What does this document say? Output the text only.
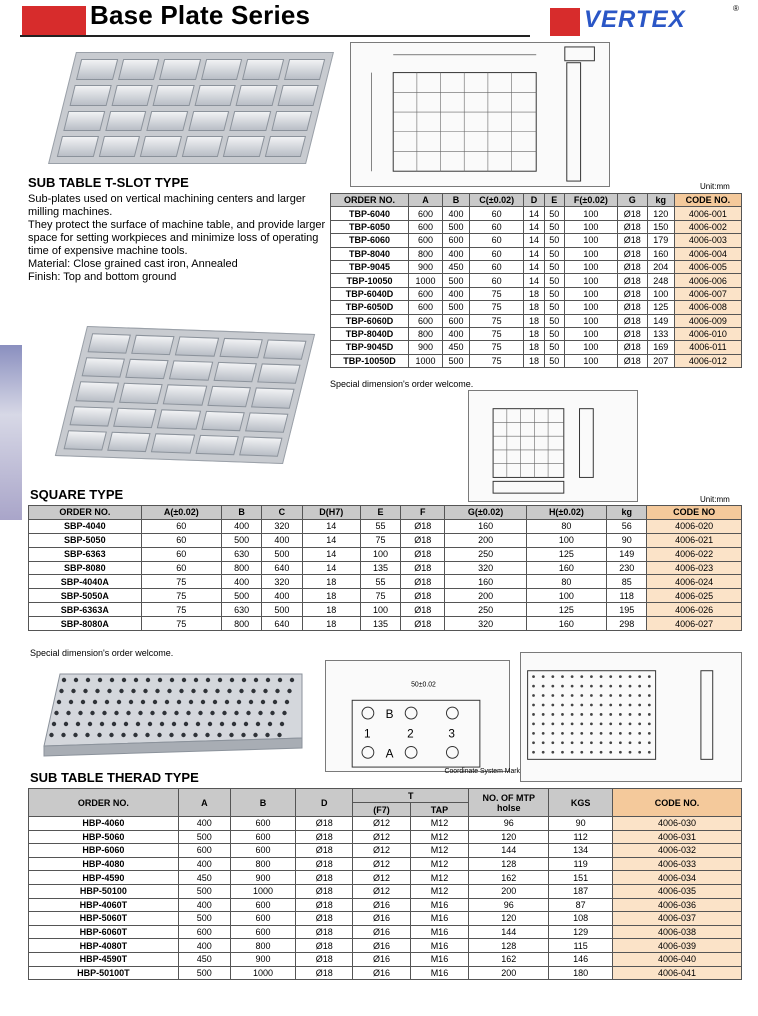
Base Plate Series	VERTEX	®
SUB TABLE T-SLOT TYPE	Unit:mm
Sub-plates used on vertical machining centers and larger milling machines.
They protect the surface of machine table, and provide larger space for setting workpieces and minimize loss of operating time of expensive machine tools.
Material: Close grained cast iron, Annealed
Finish: Top and bottom ground
ORDER NO.	A	B	C(±0.02)	D	E	F(±0.02)	G	kg	CODE NO.
TBP-6040	600	400	60	14	50	100	Ø18	120	4006-001
TBP-6050	600	500	60	14	50	100	Ø18	150	4006-002
TBP-6060	600	600	60	14	50	100	Ø18	179	4006-003
TBP-8040	800	400	60	14	50	100	Ø18	160	4006-004
TBP-9045	900	450	60	14	50	100	Ø18	204	4006-005
TBP-10050	1000	500	60	14	50	100	Ø18	248	4006-006
TBP-6040D	600	400	75	18	50	100	Ø18	100	4006-007
TBP-6050D	600	500	75	18	50	100	Ø18	125	4006-008
TBP-6060D	600	600	75	18	50	100	Ø18	149	4006-009
TBP-8040D	800	400	75	18	50	100	Ø18	133	4006-010
TBP-9045D	900	450	75	18	50	100	Ø18	169	4006-011
TBP-10050D	1000	500	75	18	50	100	Ø18	207	4006-012
Special dimension's order welcome.
SQUARE TYPE	Unit:mm
ORDER NO.	A(±0.02)	B	C	D(H7)	E	F	G(±0.02)	H(±0.02)	kg	CODE NO
SBP-4040	60	400	320	14	55	Ø18	160	80	56	4006-020
SBP-5050	60	500	400	14	75	Ø18	200	100	90	4006-021
SBP-6363	60	630	500	14	100	Ø18	250	125	149	4006-022
SBP-8080	60	800	640	14	135	Ø18	320	160	230	4006-023
SBP-4040A	75	400	320	18	55	Ø18	160	80	85	4006-024
SBP-5050A	75	500	400	18	75	Ø18	200	100	118	4006-025
SBP-6363A	75	630	500	18	100	Ø18	250	125	195	4006-026
SBP-8080A	75	800	640	18	135	Ø18	320	160	298	4006-027
Special dimension's order welcome.
B
A
1	2	3
50±0.02
Coordinate System Marking
SUB TABLE THERAD TYPE
ORDER NO.	A	B	D	T		NO. OF MTP holse	KGS	CODE NO.
				(F7)	TAP			
HBP-4060	400	600	Ø18	Ø12	M12	96	90	4006-030
HBP-5060	500	600	Ø18	Ø12	M12	120	112	4006-031
HBP-6060	600	600	Ø18	Ø12	M12	144	134	4006-032
HBP-4080	400	800	Ø18	Ø12	M12	128	119	4006-033
HBP-4590	450	900	Ø18	Ø12	M12	162	151	4006-034
HBP-50100	500	1000	Ø18	Ø12	M12	200	187	4006-035
HBP-4060T	400	600	Ø18	Ø16	M16	96	87	4006-036
HBP-5060T	500	600	Ø18	Ø16	M16	120	108	4006-037
HBP-6060T	600	600	Ø18	Ø16	M16	144	129	4006-038
HBP-4080T	400	800	Ø18	Ø16	M16	128	115	4006-039
HBP-4590T	450	900	Ø18	Ø16	M16	162	146	4006-040
HBP-50100T	500	1000	Ø18	Ø16	M16	200	180	4006-041
